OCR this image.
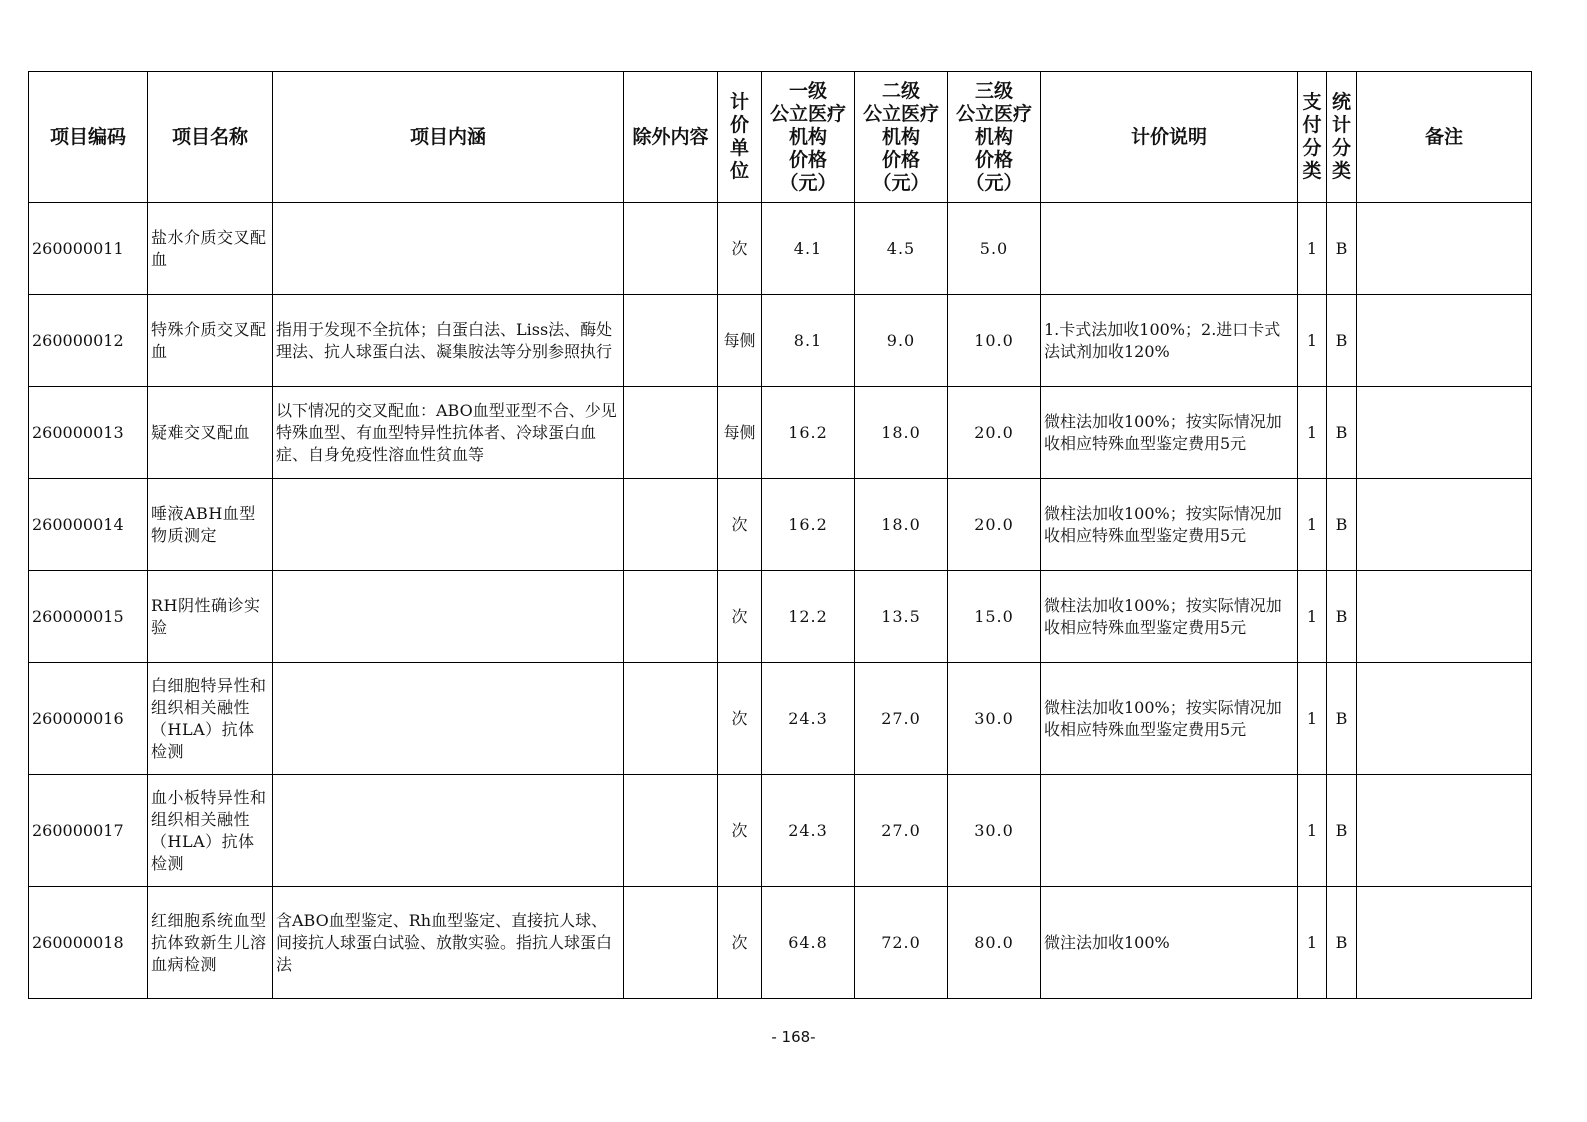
项目编码	项目名称	项目内涵	除外内容	计价单位	一级
公立医疗
机构
价格
（元）	二级
公立医疗
机构
价格
（元）	三级
公立医疗
机构
价格
（元）	计价说明	支付分类	统计分类	备注
260000011	盐水介质交叉配血			次	4.1	4.5	5.0		1	B	
260000012	特殊介质交叉配血	指用于发现不全抗体；白蛋白法、Liss法、酶处理法、抗人球蛋白法、凝集胺法等分别参照执行		每侧	8.1	9.0	10.0	1.卡式法加收100%；2.进口卡式法试剂加收120%	1	B	
260000013	疑难交叉配血	以下情况的交叉配血：ABO血型亚型不合、少见特殊血型、有血型特异性抗体者、冷球蛋白血症、自身免疫性溶血性贫血等		每侧	16.2	18.0	20.0	微柱法加收100%；按实际情况加收相应特殊血型鉴定费用5元	1	B	
260000014	唾液ABH血型物质测定			次	16.2	18.0	20.0	微柱法加收100%；按实际情况加收相应特殊血型鉴定费用5元	1	B	
260000015	RH阴性确诊实验			次	12.2	13.5	15.0	微柱法加收100%；按实际情况加收相应特殊血型鉴定费用5元	1	B	
260000016	白细胞特异性和组织相关融性（HLA）抗体检测			次	24.3	27.0	30.0	微柱法加收100%；按实际情况加收相应特殊血型鉴定费用5元	1	B	
260000017	血小板特异性和组织相关融性（HLA）抗体检测			次	24.3	27.0	30.0		1	B	
260000018	红细胞系统血型抗体致新生儿溶血病检测	含ABO血型鉴定、Rh血型鉴定、直接抗人球、间接抗人球蛋白试验、放散实验。指抗人球蛋白法		次	64.8	72.0	80.0	微注法加收100%	1	B	
- 168-
